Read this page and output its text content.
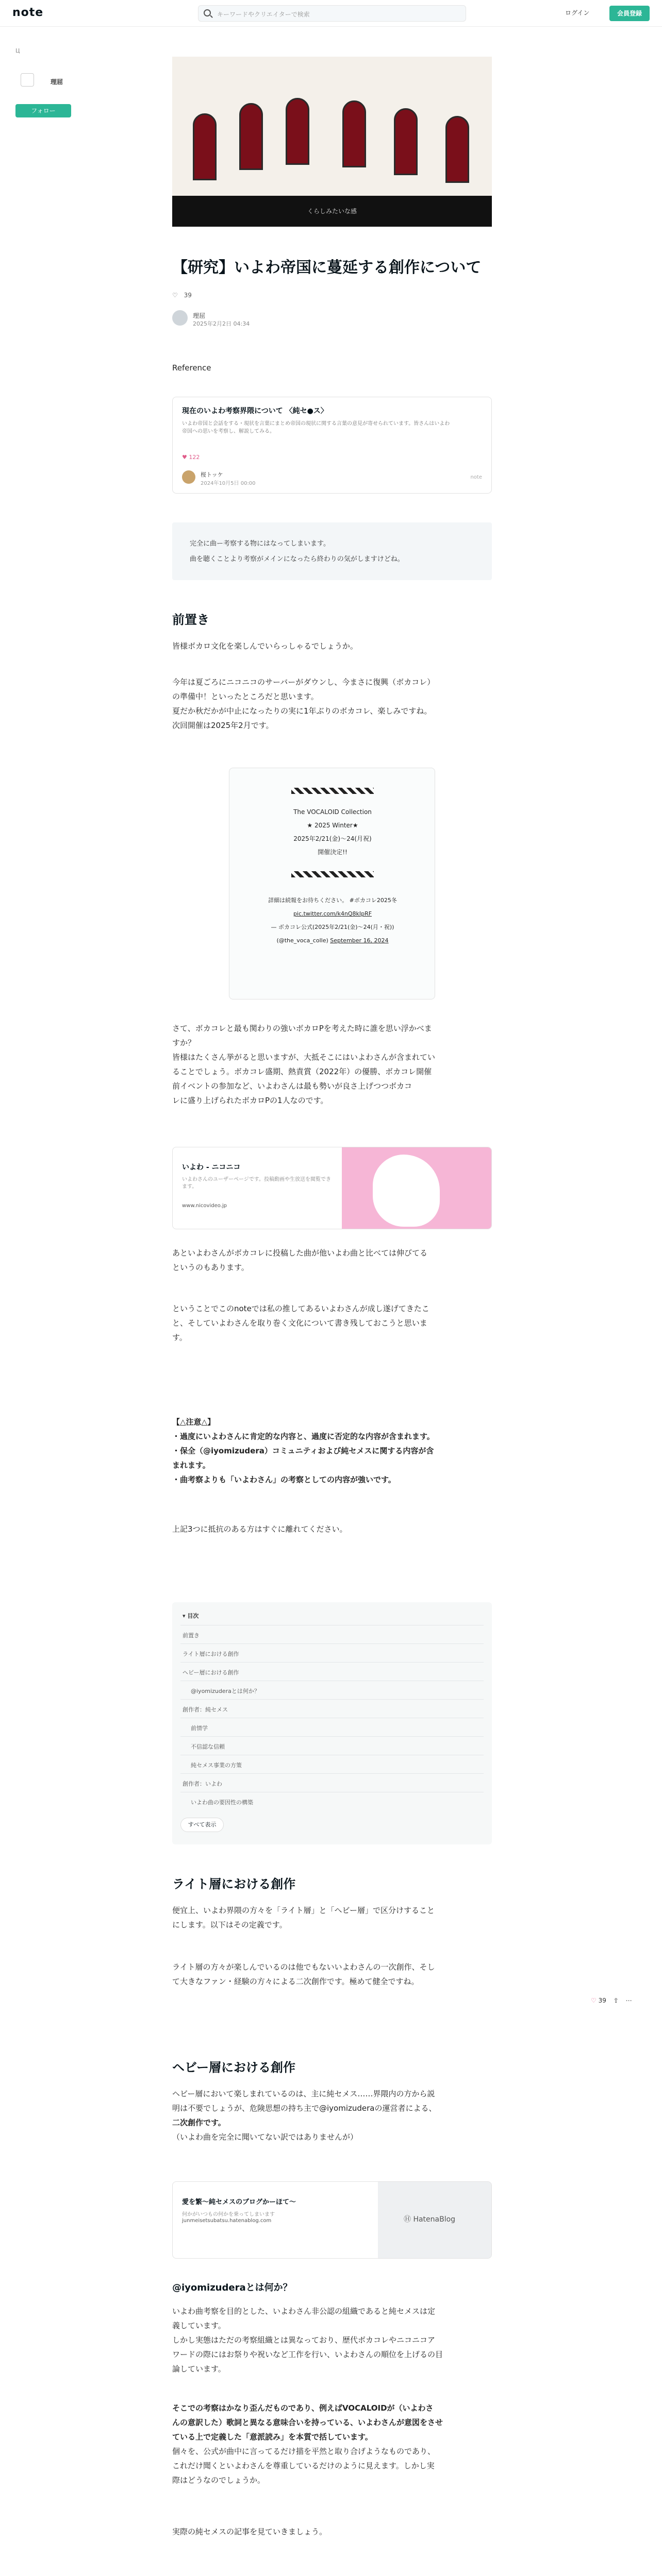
note	キーワードやクリエイターで検索	ログイン	会員登録
Ц
理屈
フォロー
くらしみたいな感
【研究】いよわ帝国に蔓延する創作について
♡ 39
理屈
2025年2月2日 04:34
Reference
現在のいよわ考察界隈について 〈純セ●ス〉
いよわ帝国と会話をする・現状を言葉にまとめ帝国の現状に関する言葉の意見が寄せられています。皆さんはいよわ帝国への思いを考察し、解説してみる。
♥ 122
桜トッケ
2024年10月5日 00:00
note
完全に曲ー考察する物にはなってしまいます。
曲を聴くことより考察がメインになったら終わりの気がしますけどね。
前置き
皆様ボカロ文化を楽しんでいらっしゃるでしょうか。
今年は夏ごろにニコニコのサーバーがダウンし、今まさに復興（ボカコレ）
の準備中！といったところだと思います。
夏だか秋だかが中止になったりの実に1年ぶりのボカコレ、楽しみですね。
次回開催は2025年2月です。
The VOCALOID Collection
★ 2025 Winter★
2025年2/21(金)〜24(月祝)
開催決定!!
詳細は続報をお待ちください。 #ボカコレ2025冬
pic.twitter.com/k4nQ8kIpRF
— ボカコレ公式(2025年2/21(金)〜24(月・祝))
(@the_voca_colle) September 16, 2024
さて、ボカコレと最も関わりの強いボカロPを考えた時に誰を思い浮かべま
すか？
皆様はたくさん挙がると思いますが、大抵そこにはいよわさんが含まれてい
ることでしょう。ボカコレ盛期、熱責賞（2022年）の優勝、ボカコレ開催
前イベントの参加など、いよわさんは最も勢いが良さ上げつつボカコ
レに盛り上げられたボカロPの1人なのです。
いよわ - ニコニコ
いよわさんのユーザーページです。投稿動画や生放送を閲覧できます。
www.nicovideo.jp
あといよわさんがボカコレに投稿した曲が他いよわ曲と比べては伸びてる
というのもあります。
ということでこのnoteでは私の推してあるいよわさんが成し遂げてきたこ
と、そしていよわさんを取り巻く文化について書き残しておこうと思いま
す。
【△注意△】
・過度にいよわさんに肯定的な内容と、過度に否定的な内容が含まれます。
・保全（@iyomizudera）コミュニティおよび純セメスに関する内容が含
まれます。
・曲考察よりも「いよわさん」の考察としての内容が強いです。
上記3つに抵抗のある方はすぐに離れてください。
▾ 目次
前置き
ライト層における創作
ヘビー層における創作
@iyomizuderaとは何か？
創作者：純セメス
前情学
不信認な信頼
純セメス事業の方策
創作者：いよわ
いよわ曲の要因性の構築
すべて表示
ライト層における創作
便宜上、いよわ界隈の方々を「ライト層」と「ヘビー層」で区分けすること
にします。以下はその定義です。
ライト層の方々が楽しんでいるのは他でもないいよわさんの一次創作、そし
て大きなファン・経験の方々による二次創作です。極めて健全ですね。
♡ 39 ⇪ ⋯
ヘビー層における創作
ヘビー層において楽しまれているのは、主に純セメス……界隈内の方から説
明は不要でしょうが、危険思想の持ち主で@iyomizuderaの運営者による、
二次創作です。
（いよわ曲を完全に聞いてない訳ではありませんが）
愛を繁〜純セメスのブログかーほて〜
何かがいつもの何かを乗ってしまいます
junmeisetsubatsu.hatenablog.com	Ⓗ HatenaBlog
@iyomizuderaとは何か？
いよわ曲考察を目的とした、いよわさん非公認の組織であると純セメスは定
義しています。
しかし実態はただの考察組織とは異なっており、歴代ボカコレやニコニコア
ワードの際にはお祭りや祝いなど工作を行い、いよわさんの順位を上げるの目
論しています。
そこでの考察はかなり歪んだものであり、例えばVOCALOIDが（いよわさ
んの意訳した）歌詞と異なる意味合いを持っている、いよわさんが意図をさせ
ている上で定義した「意派読み」を本質で括しています。
個々を、公式が曲中に言ってるだけ描を平然と取り合げようなものであり、
これだけ聞くといよわさんを尊重しているだけのように見えます。しかし実
際はどうなのでしょうか。
実際の純セメスの記事を見ていきましょう。
